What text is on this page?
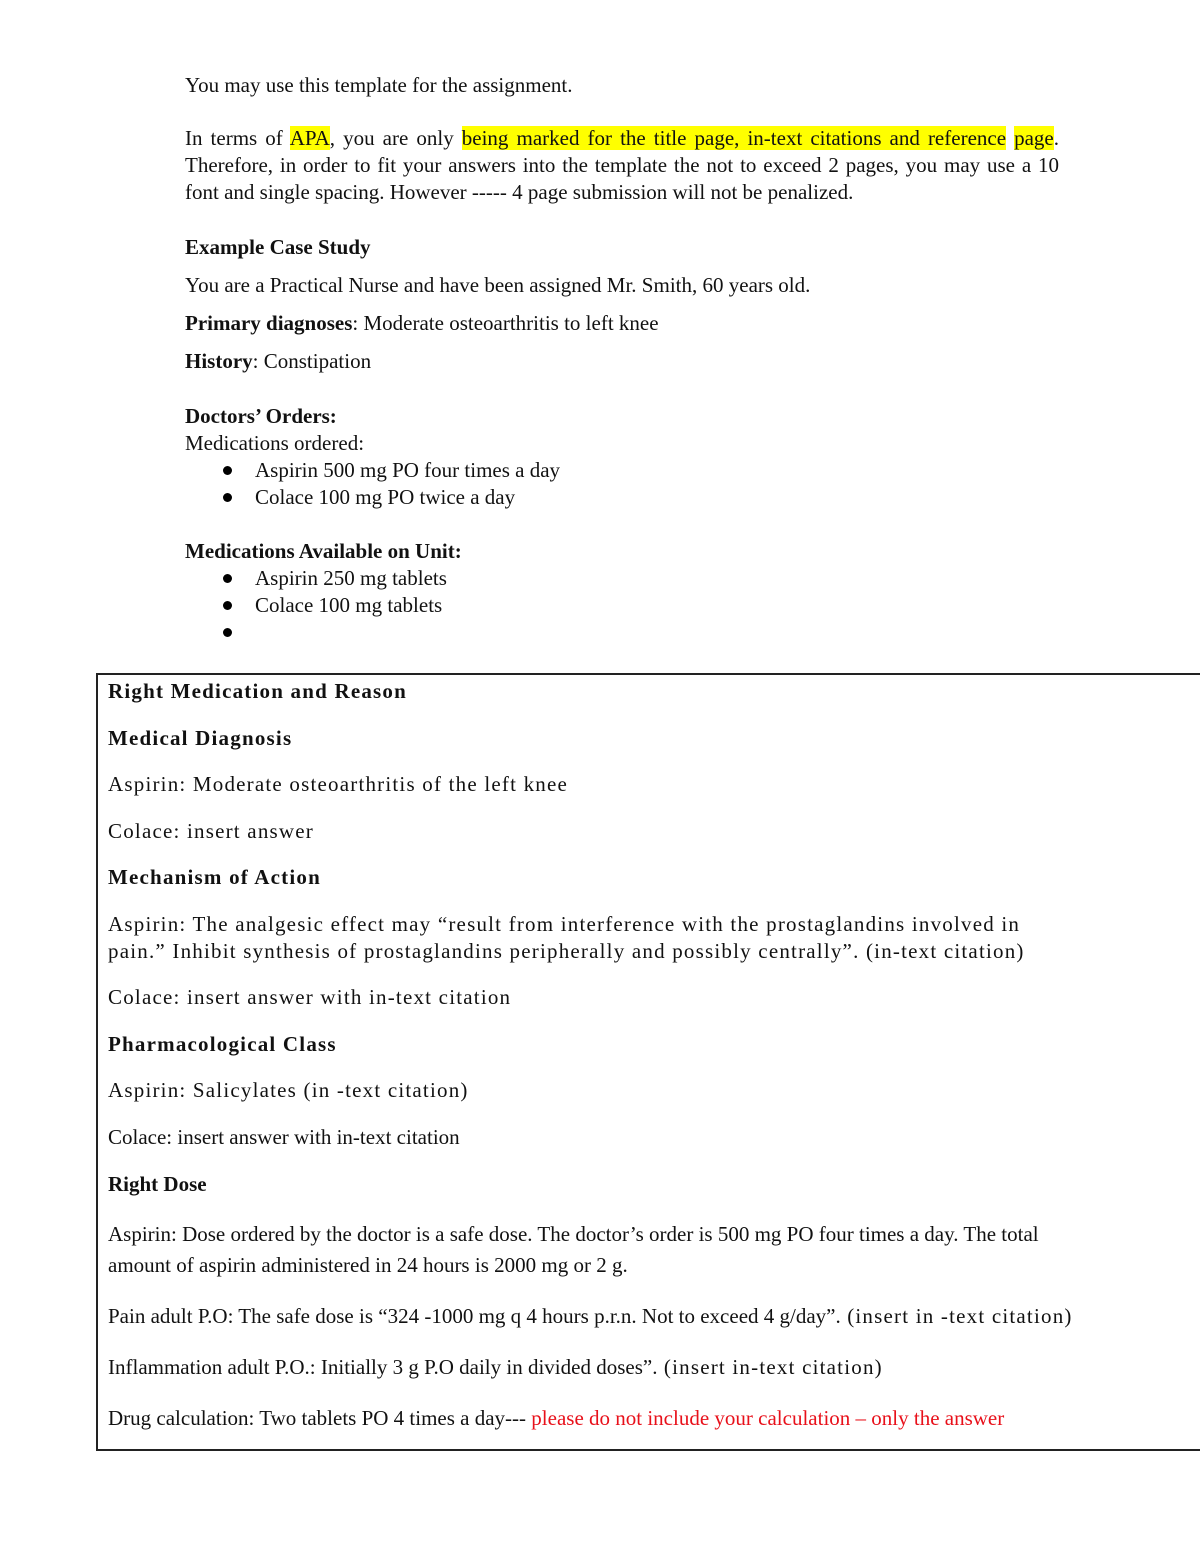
You may use this template for the assignment.

In terms of APA, you are only being marked for the title page, in-text citations and reference page. Therefore, in order to fit your answers into the template the not to exceed 2 pages, you may use a 10 font and single spacing. However ----- 4 page submission will not be penalized.

Example Case Study

You are a Practical Nurse and have been assigned Mr. Smith, 60 years old.

Primary diagnoses: Moderate osteoarthritis to left knee

History: Constipation

Doctors’ Orders:

Medications ordered:

Aspirin 500 mg PO four times a day
Colace 100 mg PO twice a day

Medications Available on Unit:

Aspirin 250 mg tablets
Colace 100 mg tablets
Right Medication and Reason
Medical Diagnosis
Aspirin: Moderate osteoarthritis of the left knee
Colace: insert answer
Mechanism of Action
Aspirin: The analgesic effect may “result from interference with the prostaglandins involved in
pain.” Inhibit synthesis of prostaglandins peripherally and possibly centrally”. (in-text citation)
Colace: insert answer with in-text citation
Pharmacological Class
Aspirin: Salicylates (in -text citation)
Colace: insert answer with in-text citation
Right Dose
Aspirin: Dose ordered by the doctor is a safe dose. The doctor’s order is 500 mg PO four times a day. The total
amount of aspirin administered in 24 hours is 2000 mg or 2 g.
Pain adult P.O: The safe dose is “324 -1000 mg q 4 hours p.r.n. Not to exceed 4 g/day”. (insert in -text citation)
Inflammation adult P.O.: Initially 3 g P.O daily in divided doses”. (insert in-text citation)
Drug calculation: Two tablets PO 4 times a day--- please do not include your calculation – only the answer
